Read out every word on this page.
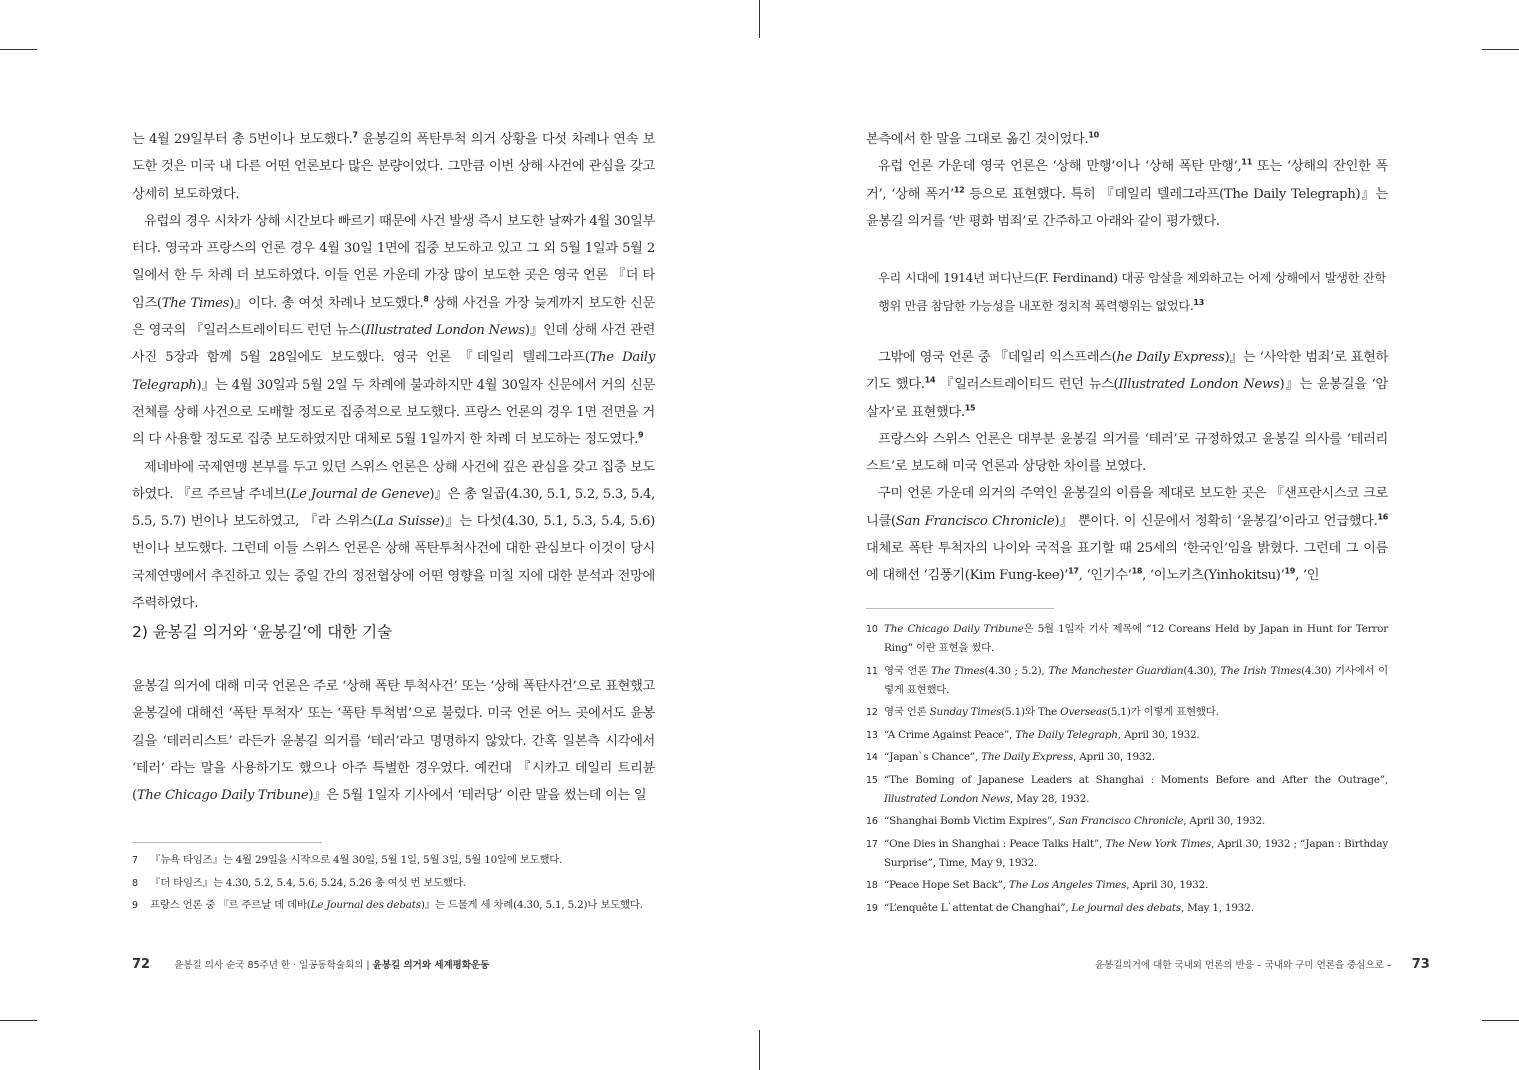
는 4월 29일부터 총 5번이나 보도했다.$^7$ 윤봉길의 폭탄투척 의거 상황을 다섯 차례나 연속 보도한 것은 미국 내 다른 어떤 언론보다 많은 분량이었다. 그만큼 이번 상해 사건에 관심을 갖고 상세히 보도하였다.

유럽의 경우 시차가 상해 시간보다 빠르기 때문에 사건 발생 즉시 보도한 날짜가 4월 30일부터다. 영국과 프랑스의 언론 경우 4월 30일 1면에 집중 보도하고 있고 그 외 5월 1일과 5월 2일에서 한 두 차례 더 보도하였다. 이들 언론 가운데 가장 많이 보도한 곳은 영국 언론 『더 타임즈(The Times)』이다. 총 여섯 차례나 보도했다.$^8$ 상해 사건을 가장 늦게까지 보도한 신문은 영국의 『일러스트레이티드 런던 뉴스(Illustrated London News)』인데 상해 사건 관련 사진 5장과 함께 5월 28일에도 보도했다. 영국 언론 『데일리 텔레그라프(The Daily Telegraph)』는 4월 30일과 5월 2일 두 차례에 불과하지만 4월 30일자 신문에서 거의 신문 전체를 상해 사건으로 도배할 정도로 집중적으로 보도했다. 프랑스 언론의 경우 1면 전면을 거의 다 사용할 정도로 집중 보도하였지만 대체로 5월 1일까지 한 차례 더 보도하는 정도였다.$^9$

제네바에 국제연맹 본부를 두고 있던 스위스 언론은 상해 사건에 깊은 관심을 갖고 집중 보도하였다. 『르 주르날 주네브(Le Journal de Geneve)』은 총 일곱(4.30, 5.1, 5.2, 5.3, 5.4, 5.5, 5.7) 번이나 보도하였고, 『라 스위스(La Suisse)』는 다섯(4.30, 5.1, 5.3, 5.4, 5.6) 번이나 보도했다. 그런데 이들 스위스 언론은 상해 폭탄투척사건에 대한 관심보다 이것이 당시 국제연맹에서 추진하고 있는 중일 간의 정전협상에 어떤 영향을 미칠 지에 대한 분석과 전망에 주력하였다.

2) 윤봉길 의거와 ‘윤봉길’에 대한 기술

윤봉길 의거에 대해 미국 언론은 주로 ‘상해 폭탄 투척사건’ 또는 ‘상해 폭탄사건’으로 표현했고 윤봉길에 대해선 ‘폭탄 투척자’ 또는 ‘폭탄 투척범’으로 불렀다. 미국 언론 어느 곳에서도 윤봉길을 ‘테러리스트’ 라든가 윤봉길 의거를 ‘테러’라고 명명하지 않았다. 간혹 일본측 시각에서 ‘테러’ 라는 말을 사용하기도 했으나 아주 특별한 경우였다. 예컨대 『시카고 데일리 트리뷴(The Chicago Daily Tribune)』은 5월 1일자 기사에서 ‘테러당’ 이란 말을 썼는데 이는 일

7	『뉴욕 타임즈』는 4월 29일을 시작으로 4월 30일, 5월 1일, 5월 3일, 5월 10일에 보도했다.
8	『더 타임즈』는 4.30, 5.2, 5.4, 5.6, 5.24, 5.26 총 여섯 번 보도했다.
9	프랑스 언론 중 『르 주르날 데 데바(Le Journal des debats)』는 드물게 세 차례(4.30, 5.1, 5.2)나 보도했다.
72	윤봉길 의사 순국 85주년 한 · 일공동학술회의 | 윤봉길 의거와 세계평화운동

본측에서 한 말을 그대로 옮긴 것이었다.$^{10}$

유럽 언론 가운데 영국 언론은 ‘상해 만행’이나 ‘상해 폭탄 만행’,$^{11}$ 또는 ‘상해의 잔인한 폭거’, ‘상해 폭거’$^{12}$ 등으로 표현했다. 특히 『데일리 텔레그라프(The Daily Telegraph)』는 윤봉길 의거를 ‘반 평화 범죄’로 간주하고 아래와 같이 평가했다.

우리 시대에 1914년 퍼디난드(F. Ferdinand) 대공 암살을 제외하고는 어제 상해에서 발생한 잔학행위 만큼 참담한 가능성을 내포한 정치적 폭력행위는 없었다.$^{13}$

그밖에 영국 언론 중 『데일리 익스프레스(he Daily Express)』는 ‘사악한 범죄’로 표현하기도 했다.$^{14}$ 『일러스트레이티드 런던 뉴스(Illustrated London News)』는 윤봉길을 ‘암살자’로 표현했다.$^{15}$

프랑스와 스위스 언론은 대부분 윤봉길 의거를 ‘테러’로 규정하였고 윤봉길 의사를 ‘테러리스트’로 보도해 미국 언론과 상당한 차이를 보였다.

구미 언론 가운데 의거의 주역인 윤봉길의 이름을 제대로 보도한 곳은 『샌프란시스코 크로니클(San Francisco Chronicle)』 뿐이다. 이 신문에서 정확히 ‘윤봉길’이라고 언급했다.$^{16}$ 대체로 폭탄 투척자의 나이와 국적을 표기할 때 25세의 ‘한국인’임을 밝혔다. 그런데 그 이름에 대해선 ‘김풍기(Kim Fung-kee)’$^{17}$, ‘인기수’$^{18}$, ‘이노키츠(Yinhokitsu)’$^{19}$, ‘인

10 The Chicago Daily Tribune은 5월 1일자 기사 제목에 “12 Coreans Held by Japan in Hunt for Terror Ring” 이란 표현을 썼다.
11 영국 언론 The Times(4.30 ; 5.2), The Manchester Guardian(4.30), The Irish Times(4.30) 기사에서 이렇게 표현했다.
12 영국 언론 Sunday Times(5.1)와 The Overseas(5.1)가 이렇게 표현했다.
13 “A Crime Against Peace”, The Daily Telegraph, April 30, 1932.
14 “Japan`s Chance”, The Daily Express, April 30, 1932.
15 “The Boming of Japanese Leaders at Shanghai : Moments Before and After the Outrage”, Illustrated London News, May 28, 1932.
16 “Shanghai Bomb Victim Expires”, San Francisco Chronicle, April 30, 1932.
17 “One Dies in Shanghai : Peace Talks Halt”, The New York Times, April 30, 1932 ; “Japan : Birthday Surprise”, Time, May 9, 1932.
18 “Peace Hope Set Back”, The Los Angeles Times, April 30, 1932.
19 “L’enquête L`attentat de Changhai”, Le journal des debats, May 1, 1932.
윤봉길의거에 대한 국내외 언론의 반응 – 국내와 구미 언론을 중심으로 – 73
